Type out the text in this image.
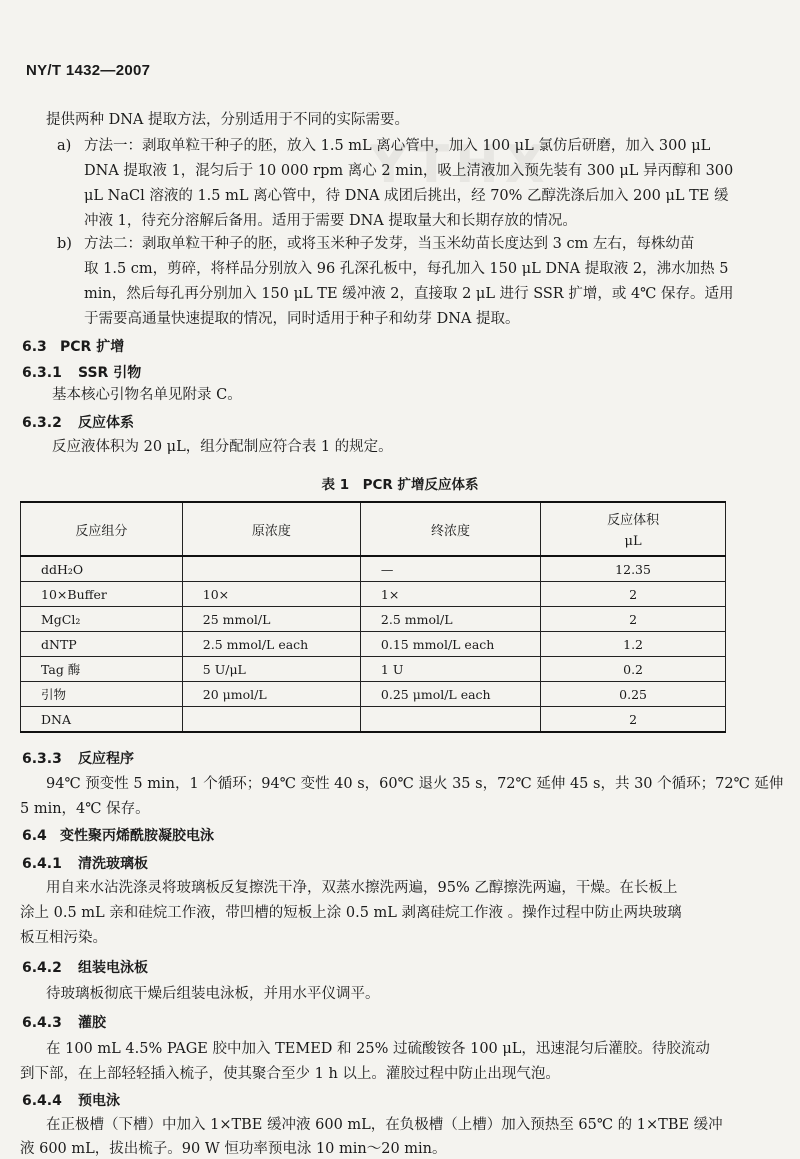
YTHX
NY/T 1432—2007
提供两种 DNA 提取方法，分别适用于不同的实际需要。
a) 方法一：剥取单粒干种子的胚，放入 1.5 mL 离心管中，加入 100 μL 氯仿后研磨，加入 300 μL
DNA 提取液 1，混匀后于 10 000 rpm 离心 2 min，吸上清液加入预先装有 300 μL 异丙醇和 300
μL NaCl 溶液的 1.5 mL 离心管中，待 DNA 成团后挑出，经 70% 乙醇洗涤后加入 200 μL TE 缓
冲液 1，待充分溶解后备用。适用于需要 DNA 提取量大和长期存放的情况。
b) 方法二：剥取单粒干种子的胚，或将玉米种子发芽，当玉米幼苗长度达到 3 cm 左右，每株幼苗
取 1.5 cm，剪碎，将样品分别放入 96 孔深孔板中，每孔加入 150 μL DNA 提取液 2，沸水加热 5
min，然后每孔再分别加入 150 μL TE 缓冲液 2，直接取 2 μL 进行 SSR 扩增，或 4℃ 保存。适用
于需要高通量快速提取的情况，同时适用于种子和幼芽 DNA 提取。
6.3 PCR 扩增
6.3.1 SSR 引物
基本核心引物名单见附录 C。
6.3.2 反应体系
反应液体积为 20 μL，组分配制应符合表 1 的规定。
表 1　PCR 扩增反应体系
反应组分	原浓度	终浓度	反应体积
μL

ddH₂O		—	12.35
10×Buffer	10×	1×	2
MgCl₂	25 mmol/L	2.5 mmol/L	2
dNTP	2.5 mmol/L each	0.15 mmol/L each	1.2
Tag 酶	5 U/μL	1 U	0.2
引物	20 μmol/L	0.25 μmol/L each	0.25
DNA			2
6.3.3 反应程序
94℃ 预变性 5 min，1 个循环；94℃ 变性 40 s，60℃ 退火 35 s，72℃ 延伸 45 s，共 30 个循环；72℃ 延伸
5 min，4℃ 保存。
6.4 变性聚丙烯酰胺凝胶电泳
6.4.1 清洗玻璃板
用自来水沾洗涤灵将玻璃板反复擦洗干净，双蒸水擦洗两遍，95% 乙醇擦洗两遍，干燥。在长板上
涂上 0.5 mL 亲和硅烷工作液，带凹槽的短板上涂 0.5 mL 剥离硅烷工作液 。操作过程中防止两块玻璃
板互相污染。
6.4.2 组装电泳板
待玻璃板彻底干燥后组装电泳板，并用水平仪调平。
6.4.3 灌胶
在 100 mL 4.5% PAGE 胶中加入 TEMED 和 25% 过硫酸铵各 100 μL，迅速混匀后灌胶。待胶流动
到下部，在上部轻轻插入梳子，使其聚合至少 1 h 以上。灌胶过程中防止出现气泡。
6.4.4 预电泳
在正极槽（下槽）中加入 1×TBE 缓冲液 600 mL，在负极槽（上槽）加入预热至 65℃ 的 1×TBE 缓冲
液 600 mL，拔出梳子。90 W 恒功率预电泳 10 min～20 min。
